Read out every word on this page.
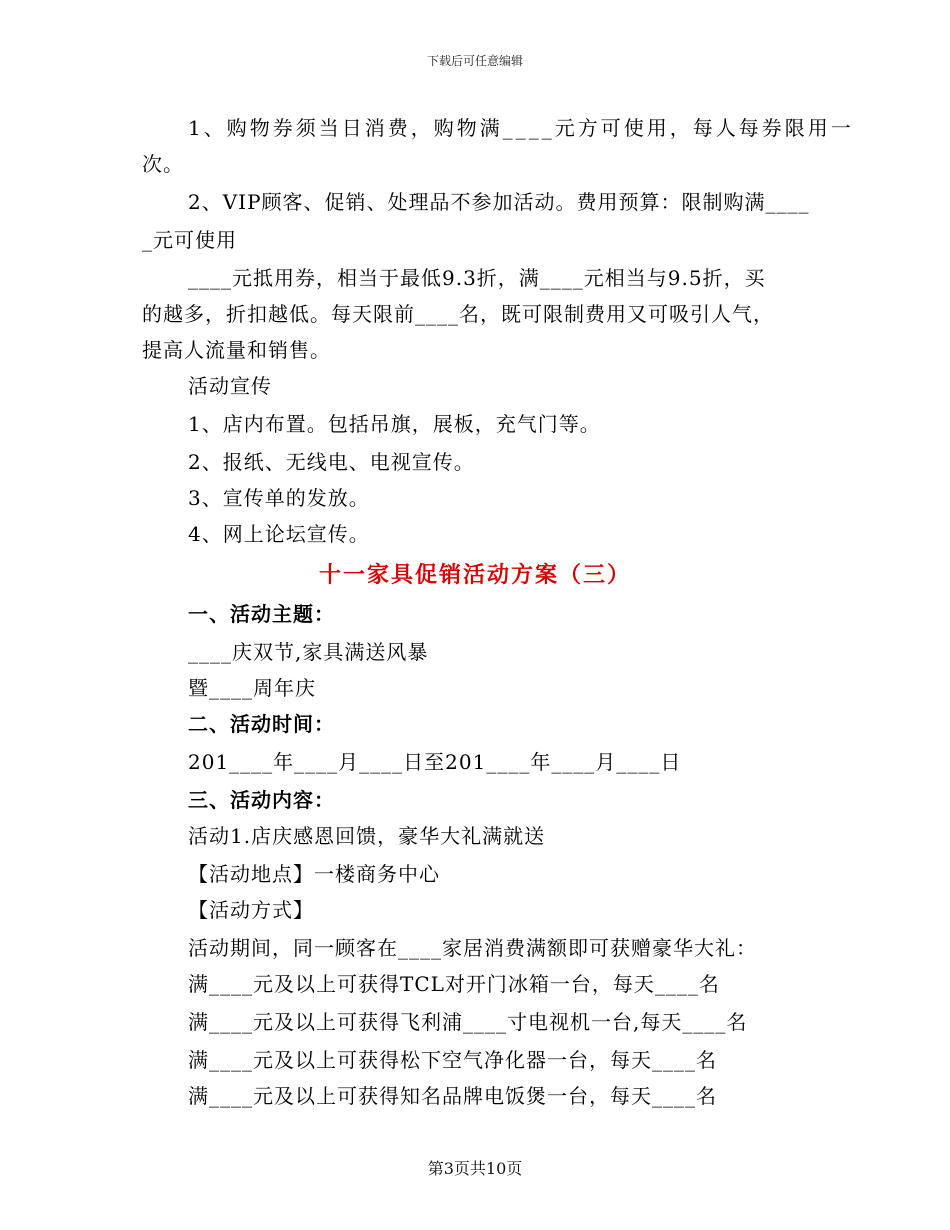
下载后可任意编辑
1、购物券须当日消费，购物满____元方可使用，每人每券限用一
次。
2、VIP顾客、促销、处理品不参加活动。费用预算：限制购满____
_元可使用
____元抵用券，相当于最低9.3折，满____元相当与9.5折，买
的越多，折扣越低。每天限前____名，既可限制费用又可吸引人气，
提高人流量和销售。
活动宣传
1、店内布置。包括吊旗，展板，充气门等。
2、报纸、无线电、电视宣传。
3、宣传单的发放。
4、网上论坛宣传。
十一家具促销活动方案（三）
一、活动主题：
____庆双节,家具满送风暴
暨____周年庆
二、活动时间：
201____年____月____日至201____年____月____日
三、活动内容：
活动1.店庆感恩回馈，豪华大礼满就送
【活动地点】一楼商务中心
【活动方式】
活动期间，同一顾客在____家居消费满额即可获赠豪华大礼：
满____元及以上可获得TCL对开门冰箱一台，每天____名
满____元及以上可获得飞利浦____寸电视机一台,每天____名
满____元及以上可获得松下空气净化器一台，每天____名
满____元及以上可获得知名品牌电饭煲一台，每天____名
第3页共10页
